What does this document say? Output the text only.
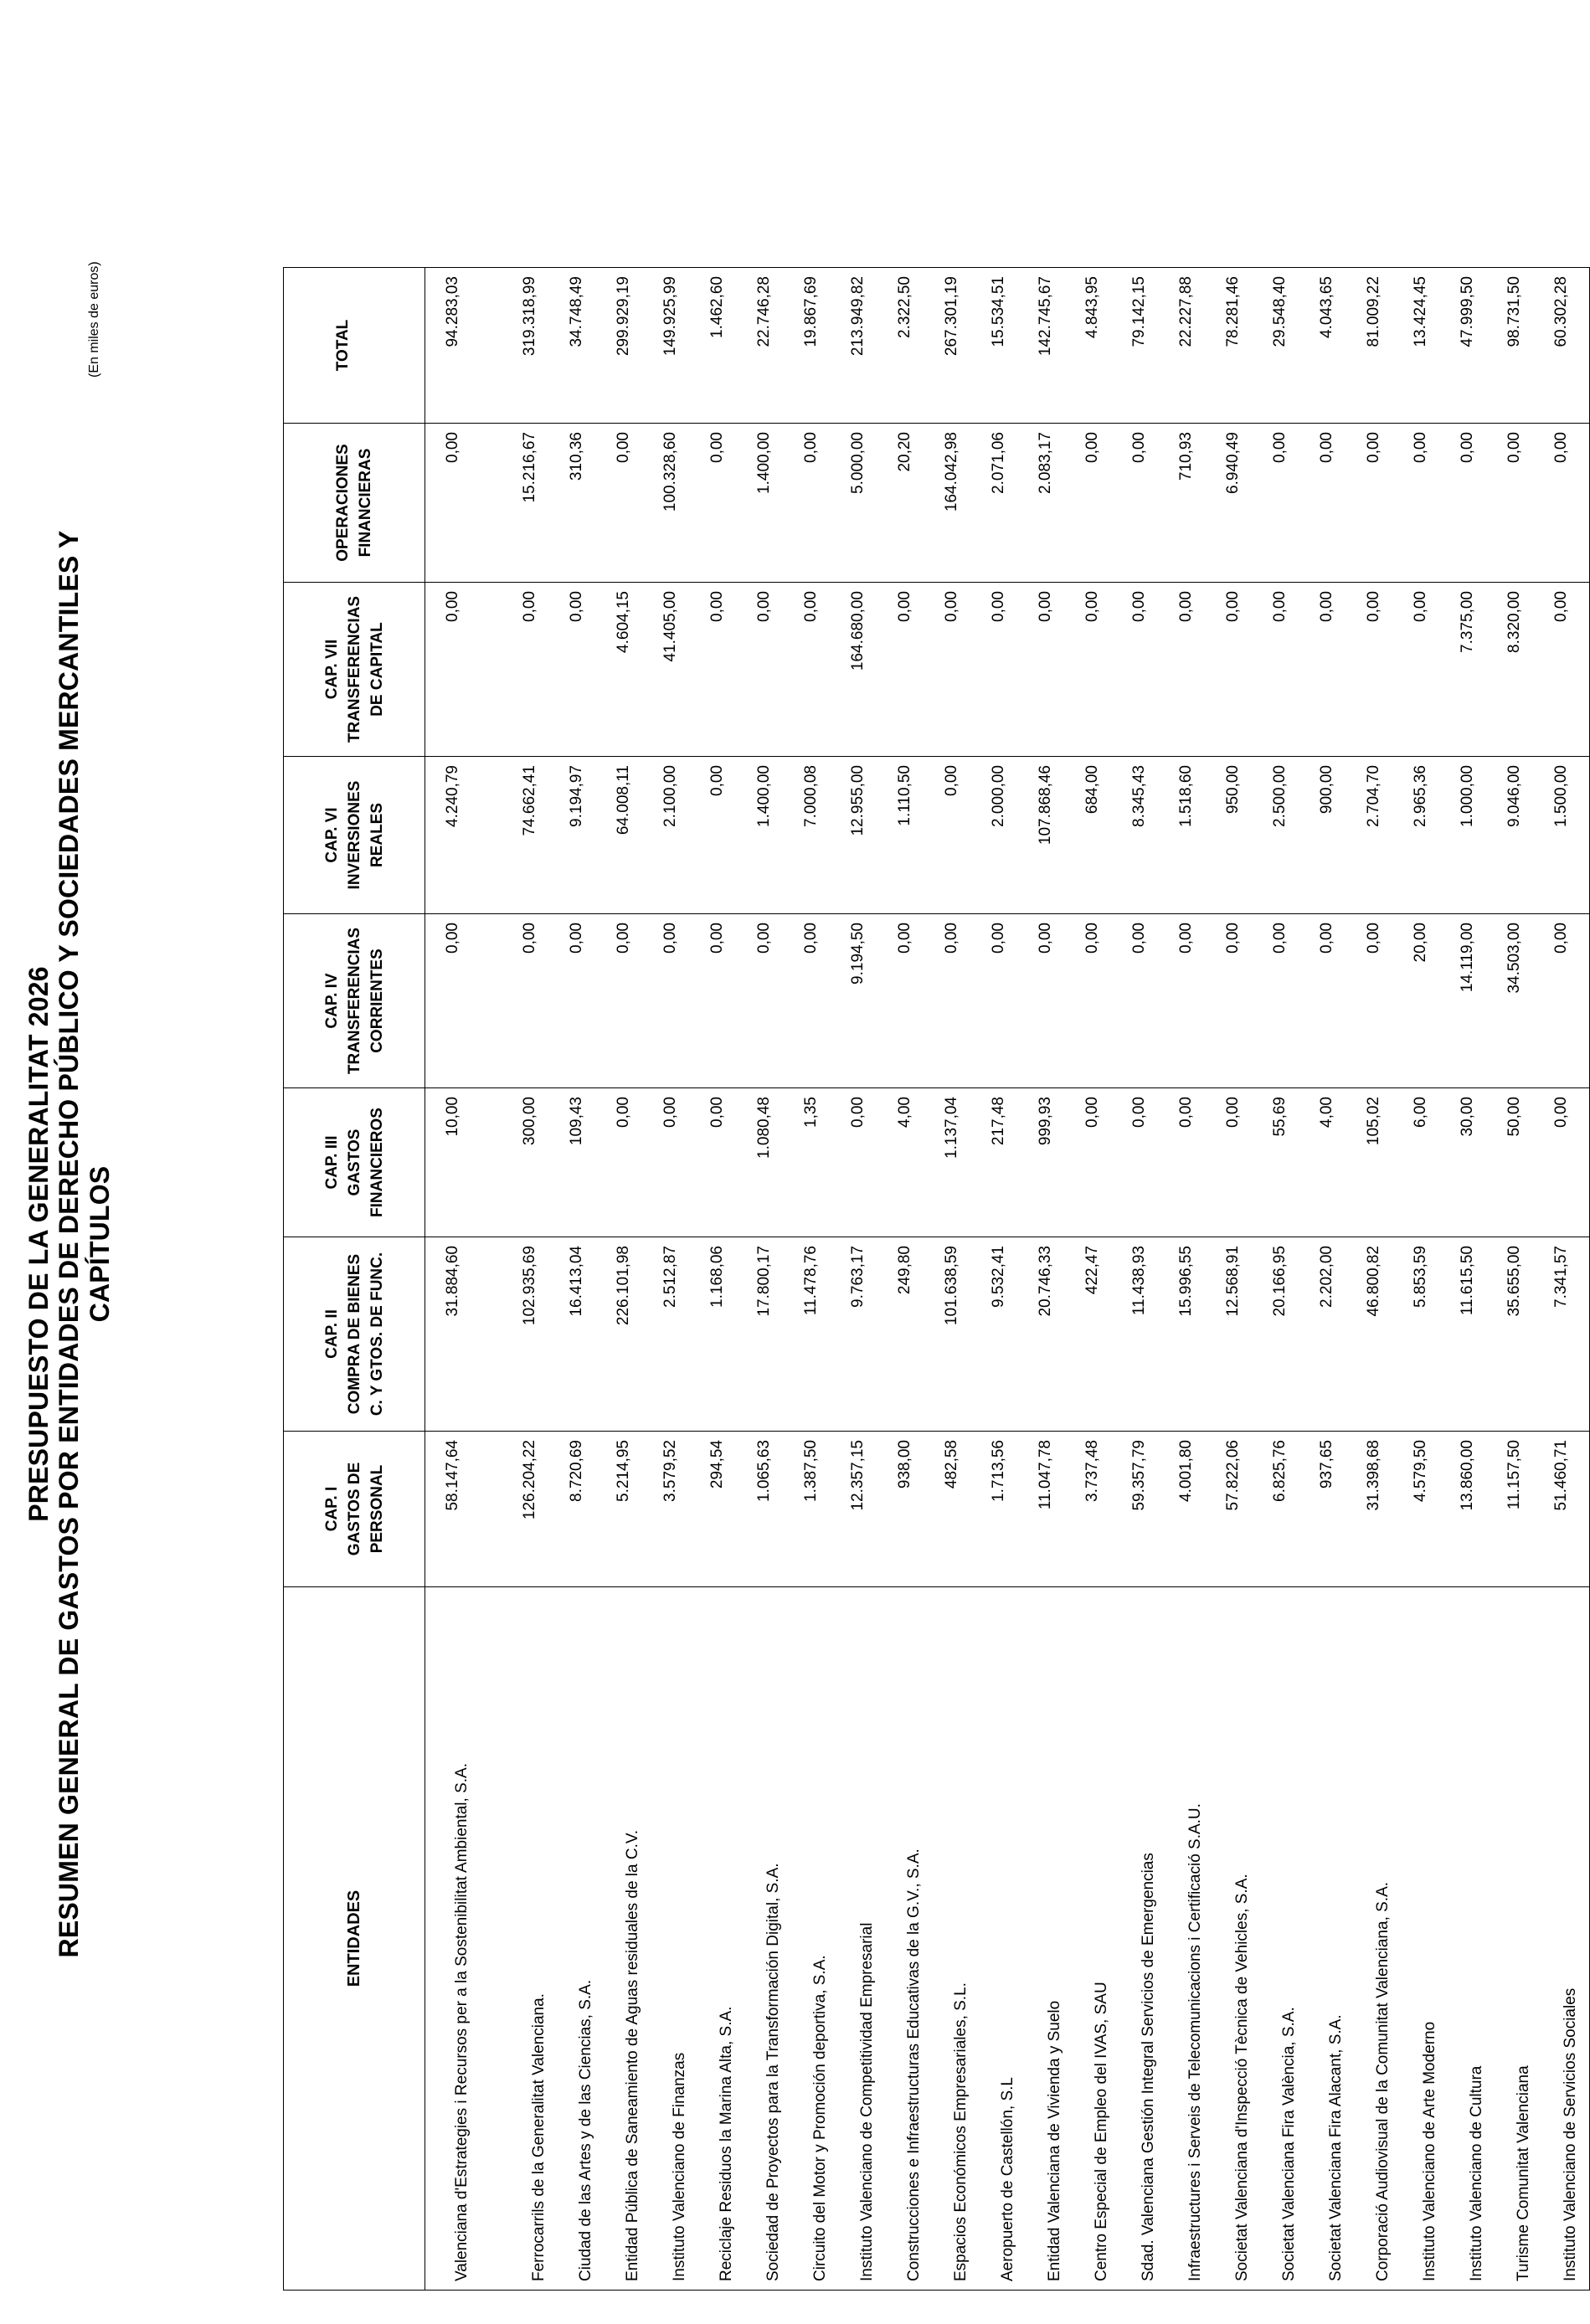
PRESUPUESTO DE LA GENERALITAT 2026 RESUMEN GENERAL DE GASTOS POR ENTIDADES DE DERECHO PÚBLICO Y SOCIEDADES MERCANTILES Y CAPÍTULOS
(En miles de euros)
ENTIDADES	CAP. I
GASTOS DE
PERSONAL	CAP. II
COMPRA DE BIENES
C. Y GTOS. DE FUNC.	CAP. III
GASTOS
FINANCIEROS	CAP. IV
TRANSFERENCIAS
CORRIENTES	CAP. VI
INVERSIONES
REALES	CAP. VII
TRANSFERENCIAS
DE CAPITAL	OPERACIONES
FINANCIERAS	TOTAL

Valenciana d'Estrategies i Recursos per a la Sostenibilitat Ambiental, S.A.	58.147,64	31.884,60	10,00	0,00	4.240,79	0,00	0,00	94.283,03
Ferrocarrils de la Generalitat Valenciana.	126.204,22	102.935,69	300,00	0,00	74.662,41	0,00	15.216,67	319.318,99
Ciudad de las Artes y de las Ciencias, S.A.	8.720,69	16.413,04	109,43	0,00	9.194,97	0,00	310,36	34.748,49
Entidad Pública de Saneamiento de Aguas residuales de la C.V.	5.214,95	226.101,98	0,00	0,00	64.008,11	4.604,15	0,00	299.929,19
Instituto Valenciano de Finanzas	3.579,52	2.512,87	0,00	0,00	2.100,00	41.405,00	100.328,60	149.925,99
Reciclaje Residuos la Marina Alta, S.A.	294,54	1.168,06	0,00	0,00	0,00	0,00	0,00	1.462,60
Sociedad de Proyectos para la Transformación Digital, S.A.	1.065,63	17.800,17	1.080,48	0,00	1.400,00	0,00	1.400,00	22.746,28
Circuito del Motor y Promoción deportiva, S.A.	1.387,50	11.478,76	1,35	0,00	7.000,08	0,00	0,00	19.867,69
Instituto Valenciano de Competitividad Empresarial	12.357,15	9.763,17	0,00	9.194,50	12.955,00	164.680,00	5.000,00	213.949,82
Construcciones e Infraestructuras Educativas de la G.V., S.A.	938,00	249,80	4,00	0,00	1.110,50	0,00	20,20	2.322,50
Espacios Económicos Empresariales, S.L.	482,58	101.638,59	1.137,04	0,00	0,00	0,00	164.042,98	267.301,19
Aeropuerto de Castellón, S.L	1.713,56	9.532,41	217,48	0,00	2.000,00	0,00	2.071,06	15.534,51
Entidad Valenciana de Vivienda y Suelo	11.047,78	20.746,33	999,93	0,00	107.868,46	0,00	2.083,17	142.745,67
Centro Especial de Empleo del IVAS, SAU	3.737,48	422,47	0,00	0,00	684,00	0,00	0,00	4.843,95
Sdad. Valenciana Gestión Integral Servicios de Emergencias	59.357,79	11.438,93	0,00	0,00	8.345,43	0,00	0,00	79.142,15
Infraestructures i Serveis de Telecomunicacions i Certificació S.A.U.	4.001,80	15.996,55	0,00	0,00	1.518,60	0,00	710,93	22.227,88
Societat Valenciana d'Inspecció Tècnica de Vehicles, S.A.	57.822,06	12.568,91	0,00	0,00	950,00	0,00	6.940,49	78.281,46
Societat Valenciana Fira València, S.A.	6.825,76	20.166,95	55,69	0,00	2.500,00	0,00	0,00	29.548,40
Societat Valenciana Fira Alacant, S.A.	937,65	2.202,00	4,00	0,00	900,00	0,00	0,00	4.043,65
Corporació Audiovisual de la Comunitat Valenciana, S.A.	31.398,68	46.800,82	105,02	0,00	2.704,70	0,00	0,00	81.009,22
Instituto Valenciano de Arte Moderno	4.579,50	5.853,59	6,00	20,00	2.965,36	0,00	0,00	13.424,45
Instituto Valenciano de Cultura	13.860,00	11.615,50	30,00	14.119,00	1.000,00	7.375,00	0,00	47.999,50
Turisme Comunitat Valenciana	11.157,50	35.655,00	50,00	34.503,00	9.046,00	8.320,00	0,00	98.731,50
Instituto Valenciano de Servicios Sociales	51.460,71	7.341,57	0,00	0,00	1.500,00	0,00	0,00	60.302,28
